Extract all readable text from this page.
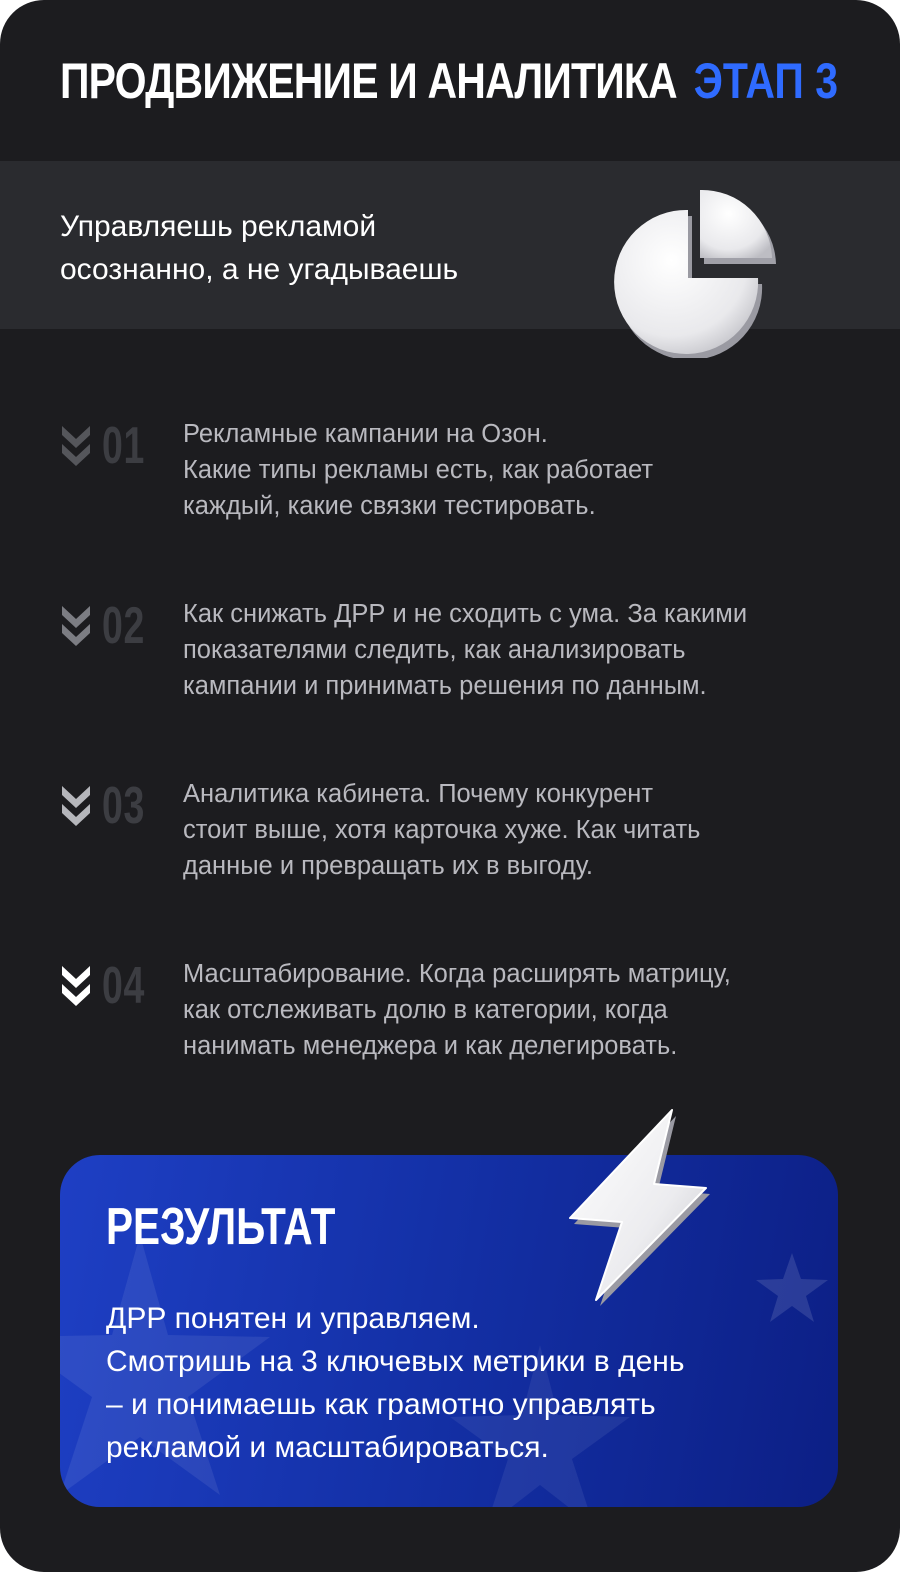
ПРОДВИЖЕНИЕ И АНАЛИТИКА ЭТАП 3
Управляешь рекламой
осознанно, а не угадываешь
01 Рекламные кампании на Озон.
Какие типы рекламы есть, как работает
каждый, какие связки тестировать.
02 Как снижать ДРР и не сходить с ума. За какими
показателями следить, как анализировать
кампании и принимать решения по данным.
03 Аналитика кабинета. Почему конкурент
стоит выше, хотя карточка хуже. Как читать
данные и превращать их в выгоду.
04 Масштабирование. Когда расширять матрицу,
как отслеживать долю в категории, когда
нанимать менеджера и как делегировать.
РЕЗУЛЬТАТ
ДРР понятен и управляем.
Смотришь на 3 ключевых метрики в день
– и понимаешь как грамотно управлять
рекламой и масштабироваться.
